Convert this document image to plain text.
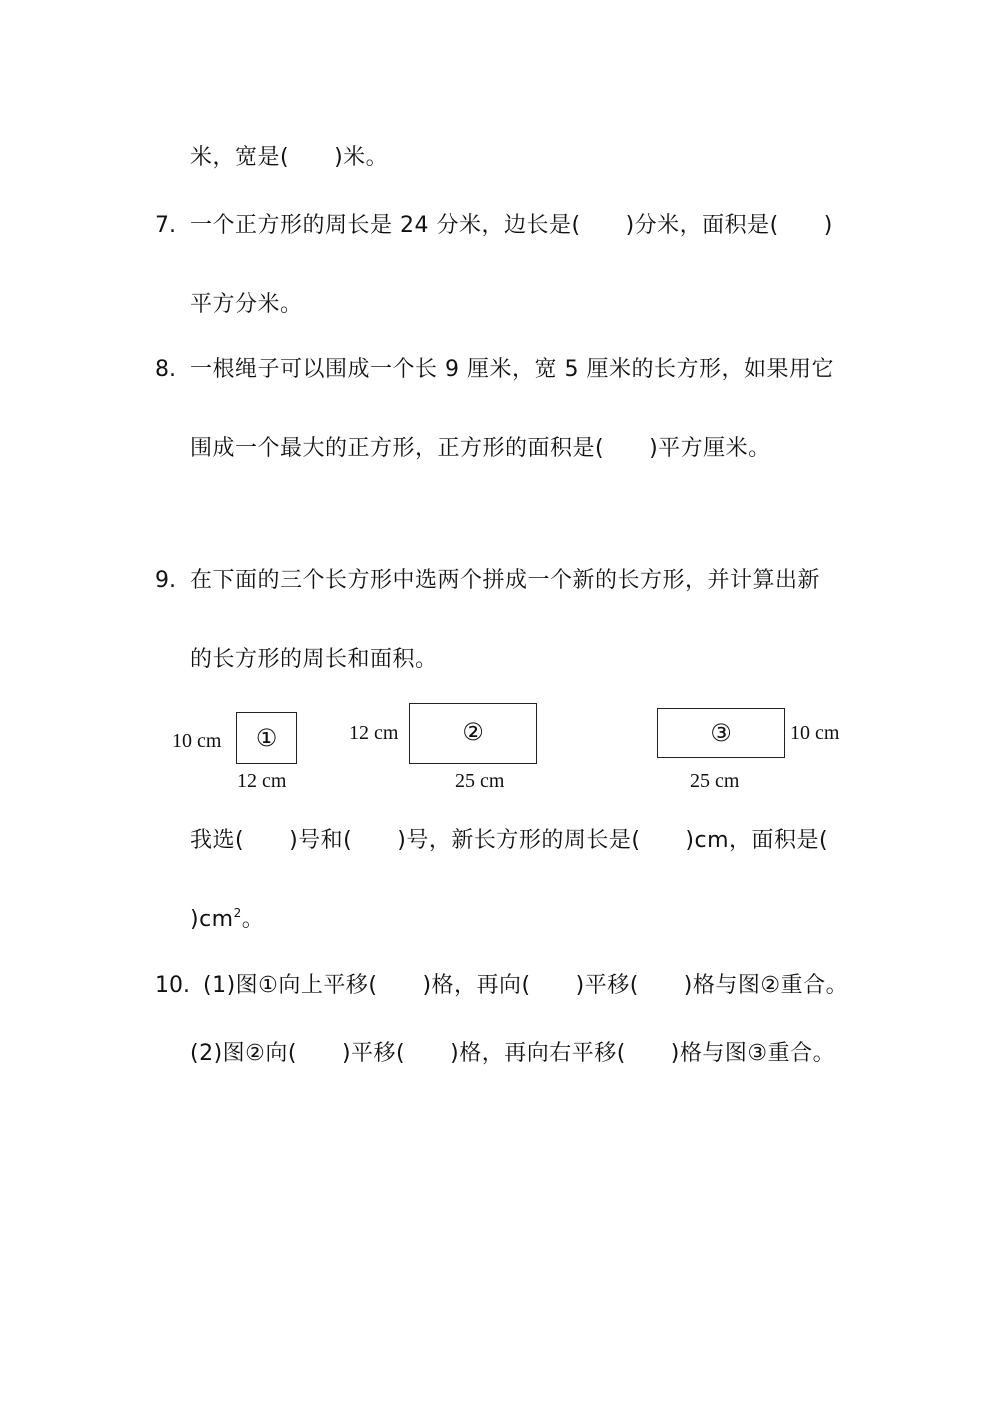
米，宽是(　　)米。
7. 一个正方形的周长是 24 分米，边长是(　　)分米，面积是(　　)
平方分米。
8. 一根绳子可以围成一个长 9 厘米，宽 5 厘米的长方形，如果用它
围成一个最大的正方形，正方形的面积是(　　)平方厘米。
9. 在下面的三个长方形中选两个拼成一个新的长方形，并计算出新
的长方形的周长和面积。
10 cm ①
12 cm
12 cm	②
25 cm
③	10 cm
25 cm
我选(　　)号和(　　)号，新长方形的周长是(　　)cm，面积是(
)$cm^2$。
10. (1)图①向上平移(　　)格，再向(　　)平移(　　)格与图②重合。
(2)图②向(　　)平移(　　)格，再向右平移(　　)格与图③重合。
